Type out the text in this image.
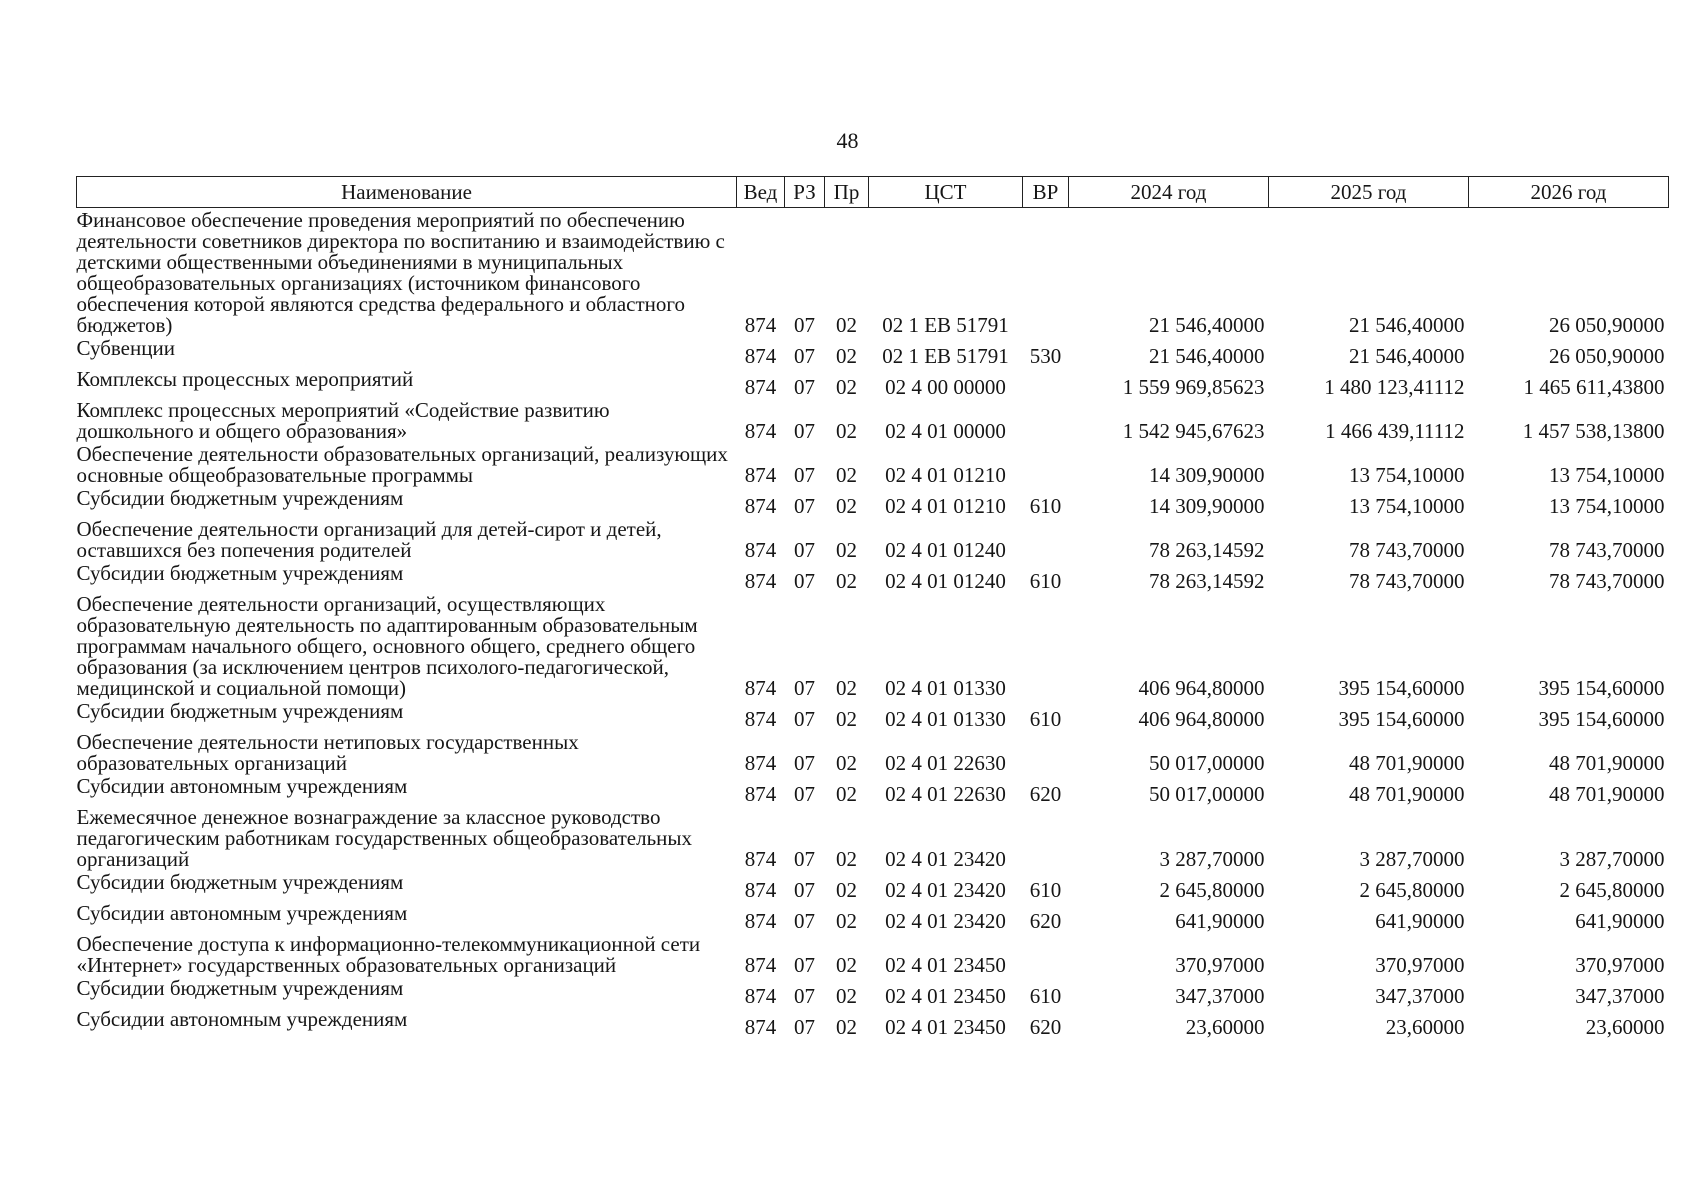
48
Наименование	Вед	РЗ	Пр	ЦСТ	ВР	2024 год	2025 год	2026 год
Финансовое обеспечение проведения мероприятий по обеспечению деятельности советников директора по воспитанию и взаимодействию с детскими общественными объединениями в муниципальных общеобразовательных организациях (источником финансового обеспечения которой являются средства федерального и областного бюджетов)	874	07	02	02 1 ЕВ 51791		21 546,40000	21 546,40000	26 050,90000
Субвенции	874	07	02	02 1 ЕВ 51791	530	21 546,40000	21 546,40000	26 050,90000
Комплексы процессных мероприятий	874	07	02	02 4 00 00000		1 559 969,85623	1 480 123,41112	1 465 611,43800
Комплекс процессных мероприятий «Содействие развитию дошкольного и общего образования»	874	07	02	02 4 01 00000		1 542 945,67623	1 466 439,11112	1 457 538,13800
Обеспечение деятельности образовательных организаций, реализующих основные общеобразовательные программы	874	07	02	02 4 01 01210		14 309,90000	13 754,10000	13 754,10000
Субсидии бюджетным учреждениям	874	07	02	02 4 01 01210	610	14 309,90000	13 754,10000	13 754,10000
Обеспечение деятельности организаций для детей-сирот и детей, оставшихся без попечения родителей	874	07	02	02 4 01 01240		78 263,14592	78 743,70000	78 743,70000
Субсидии бюджетным учреждениям	874	07	02	02 4 01 01240	610	78 263,14592	78 743,70000	78 743,70000
Обеспечение деятельности организаций, осуществляющих образовательную деятельность по адаптированным образовательным программам начального общего, основного общего, среднего общего образования (за исключением центров психолого-педагогической, медицинской и социальной помощи)	874	07	02	02 4 01 01330		406 964,80000	395 154,60000	395 154,60000
Субсидии бюджетным учреждениям	874	07	02	02 4 01 01330	610	406 964,80000	395 154,60000	395 154,60000
Обеспечение деятельности нетиповых государственных образовательных организаций	874	07	02	02 4 01 22630		50 017,00000	48 701,90000	48 701,90000
Субсидии автономным учреждениям	874	07	02	02 4 01 22630	620	50 017,00000	48 701,90000	48 701,90000
Ежемесячное денежное вознаграждение за классное руководство педагогическим работникам государственных общеобразовательных организаций	874	07	02	02 4 01 23420		3 287,70000	3 287,70000	3 287,70000
Субсидии бюджетным учреждениям	874	07	02	02 4 01 23420	610	2 645,80000	2 645,80000	2 645,80000
Субсидии автономным учреждениям	874	07	02	02 4 01 23420	620	641,90000	641,90000	641,90000
Обеспечение доступа к информационно-телекоммуникационной сети «Интернет» государственных образовательных организаций	874	07	02	02 4 01 23450		370,97000	370,97000	370,97000
Субсидии бюджетным учреждениям	874	07	02	02 4 01 23450	610	347,37000	347,37000	347,37000
Субсидии автономным учреждениям	874	07	02	02 4 01 23450	620	23,60000	23,60000	23,60000
